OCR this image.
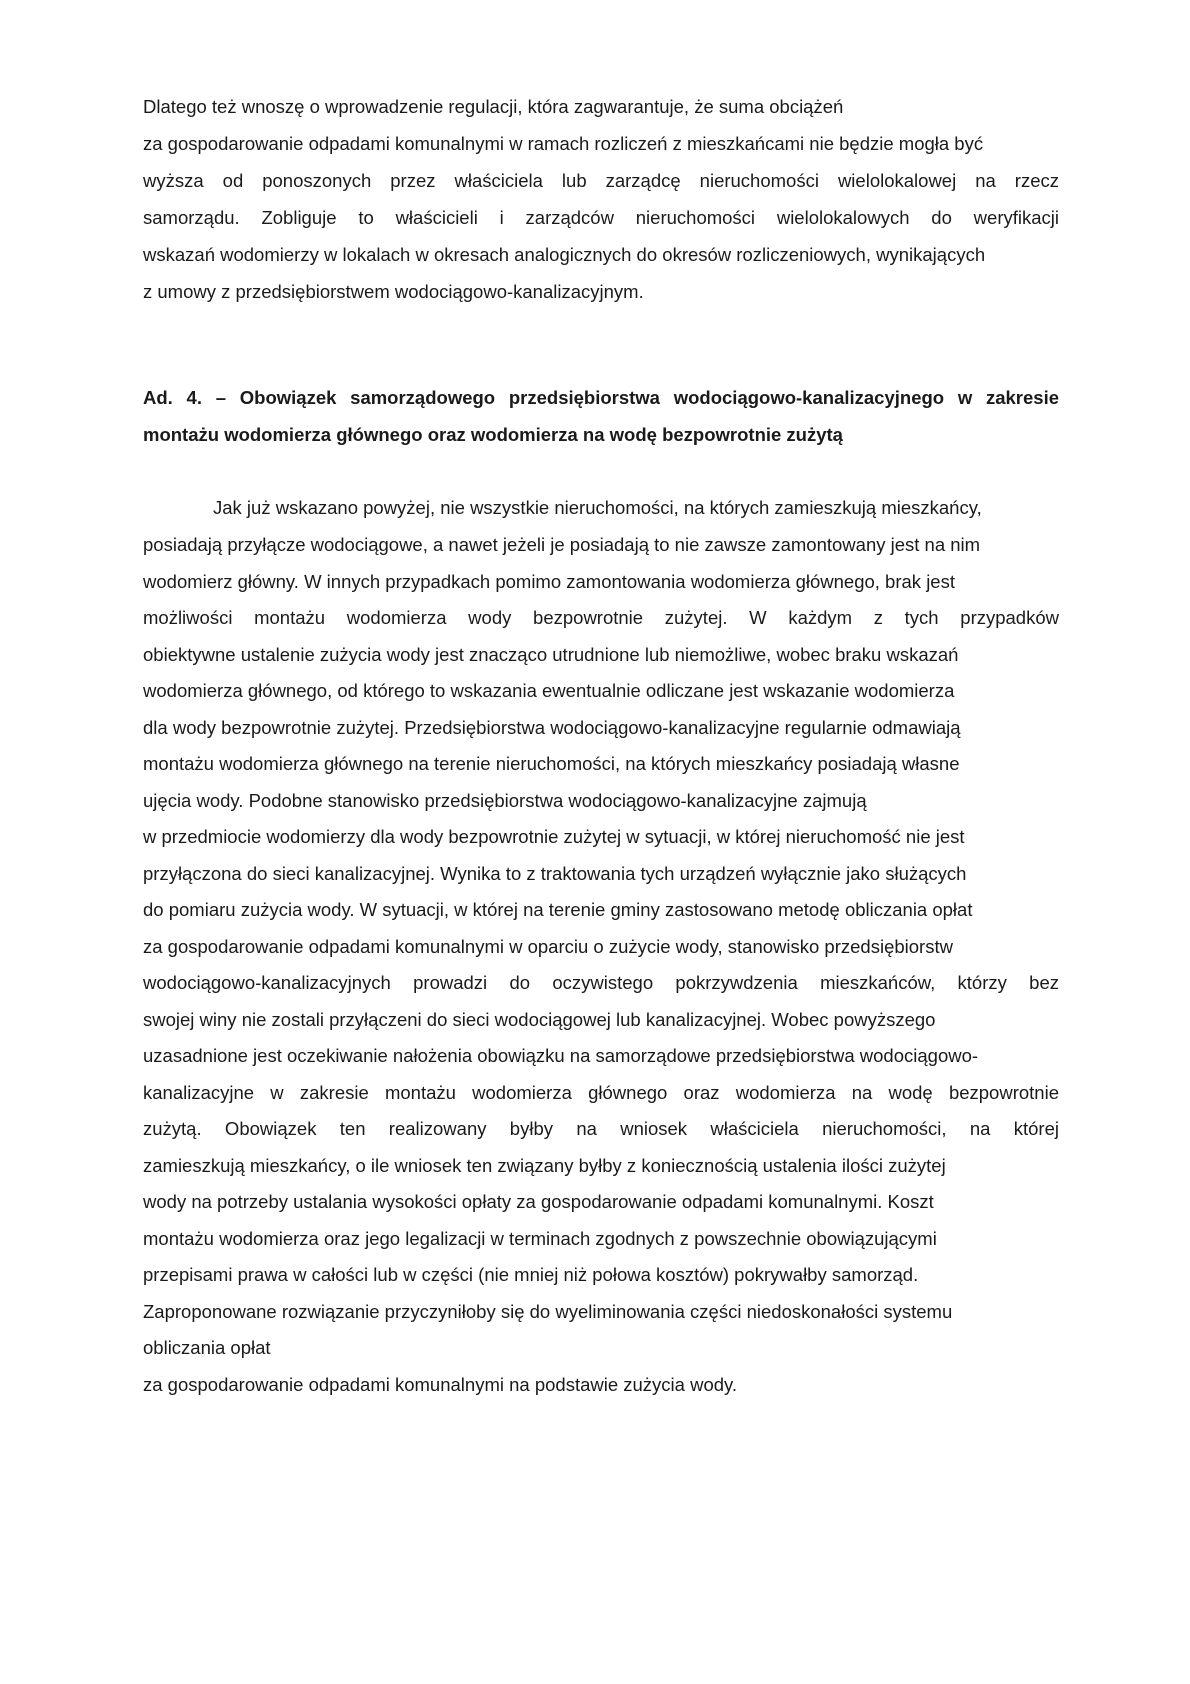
Dlatego też wnoszę o wprowadzenie regulacji, która zagwarantuje, że suma obciążeń
za gospodarowanie odpadami komunalnymi w ramach rozliczeń z mieszkańcami nie będzie mogła być
wyższa od ponoszonych przez właściciela lub zarządcę nieruchomości wielolokalowej na rzecz
samorządu. Zobliguje to właścicieli i zarządców nieruchomości wielolokalowych do weryfikacji
wskazań wodomierzy w lokalach w okresach analogicznych do okresów rozliczeniowych, wynikających
z umowy z przedsiębiorstwem wodociągowo-kanalizacyjnym.
Ad. 4. – Obowiązek samorządowego przedsiębiorstwa wodociągowo-kanalizacyjnego w zakresie
montażu wodomierza głównego oraz wodomierza na wodę bezpowrotnie zużytą
Jak już wskazano powyżej, nie wszystkie nieruchomości, na których zamieszkują mieszkańcy,
posiadają przyłącze wodociągowe, a nawet jeżeli je posiadają to nie zawsze zamontowany jest na nim
wodomierz główny. W innych przypadkach pomimo zamontowania wodomierza głównego, brak jest
możliwości montażu wodomierza wody bezpowrotnie zużytej. W każdym z tych przypadków
obiektywne ustalenie zużycia wody jest znacząco utrudnione lub niemożliwe, wobec braku wskazań
wodomierza głównego, od którego to wskazania ewentualnie odliczane jest wskazanie wodomierza
dla wody bezpowrotnie zużytej. Przedsiębiorstwa wodociągowo-kanalizacyjne regularnie odmawiają
montażu wodomierza głównego na terenie nieruchomości, na których mieszkańcy posiadają własne
ujęcia wody. Podobne stanowisko przedsiębiorstwa wodociągowo-kanalizacyjne zajmują
w przedmiocie wodomierzy dla wody bezpowrotnie zużytej w sytuacji, w której nieruchomość nie jest
przyłączona do sieci kanalizacyjnej. Wynika to z traktowania tych urządzeń wyłącznie jako służących
do pomiaru zużycia wody. W sytuacji, w której na terenie gminy zastosowano metodę obliczania opłat
za gospodarowanie odpadami komunalnymi w oparciu o zużycie wody, stanowisko przedsiębiorstw
wodociągowo-kanalizacyjnych prowadzi do oczywistego pokrzywdzenia mieszkańców, którzy bez
swojej winy nie zostali przyłączeni do sieci wodociągowej lub kanalizacyjnej. Wobec powyższego
uzasadnione jest oczekiwanie nałożenia obowiązku na samorządowe przedsiębiorstwa wodociągowo-
kanalizacyjne w zakresie montażu wodomierza głównego oraz wodomierza na wodę bezpowrotnie
zużytą. Obowiązek ten realizowany byłby na wniosek właściciela nieruchomości, na której
zamieszkują mieszkańcy, o ile wniosek ten związany byłby z koniecznością ustalenia ilości zużytej
wody na potrzeby ustalania wysokości opłaty za gospodarowanie odpadami komunalnymi. Koszt
montażu wodomierza oraz jego legalizacji w terminach zgodnych z powszechnie obowiązującymi
przepisami prawa w całości lub w części (nie mniej niż połowa kosztów) pokrywałby samorząd.
Zaproponowane rozwiązanie przyczyniłoby się do wyeliminowania części niedoskonałości systemu
obliczania opłat
za gospodarowanie odpadami komunalnymi na podstawie zużycia wody.
